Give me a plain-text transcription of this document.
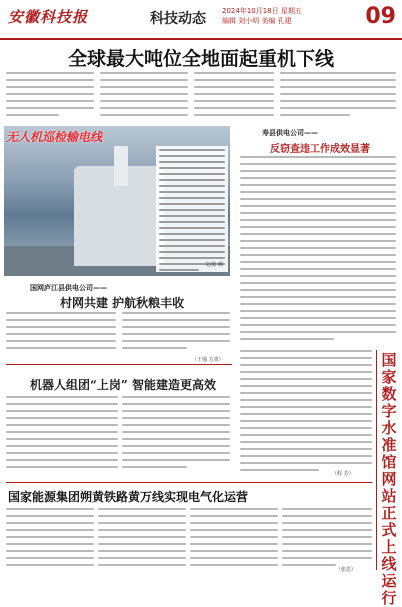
安徽科技报	科技动态 2024年10月18日 星期五
编辑 刘小明 美编 孔建	09
全球最大吨位全地面起重机下线
无人机巡检输电线
文/张 韩
寿县供电公司——
反窃查违工作成效显著
国网庐江县供电公司——
村网共建 护航秋粮丰收
（王强 方夷）
机器人组团“上岗” 智能建造更高效
（程 芳）
国家数字水准馆网站正式上线运行
国家能源集团朔黄铁路黄万线实现电气化运营
（张思）
